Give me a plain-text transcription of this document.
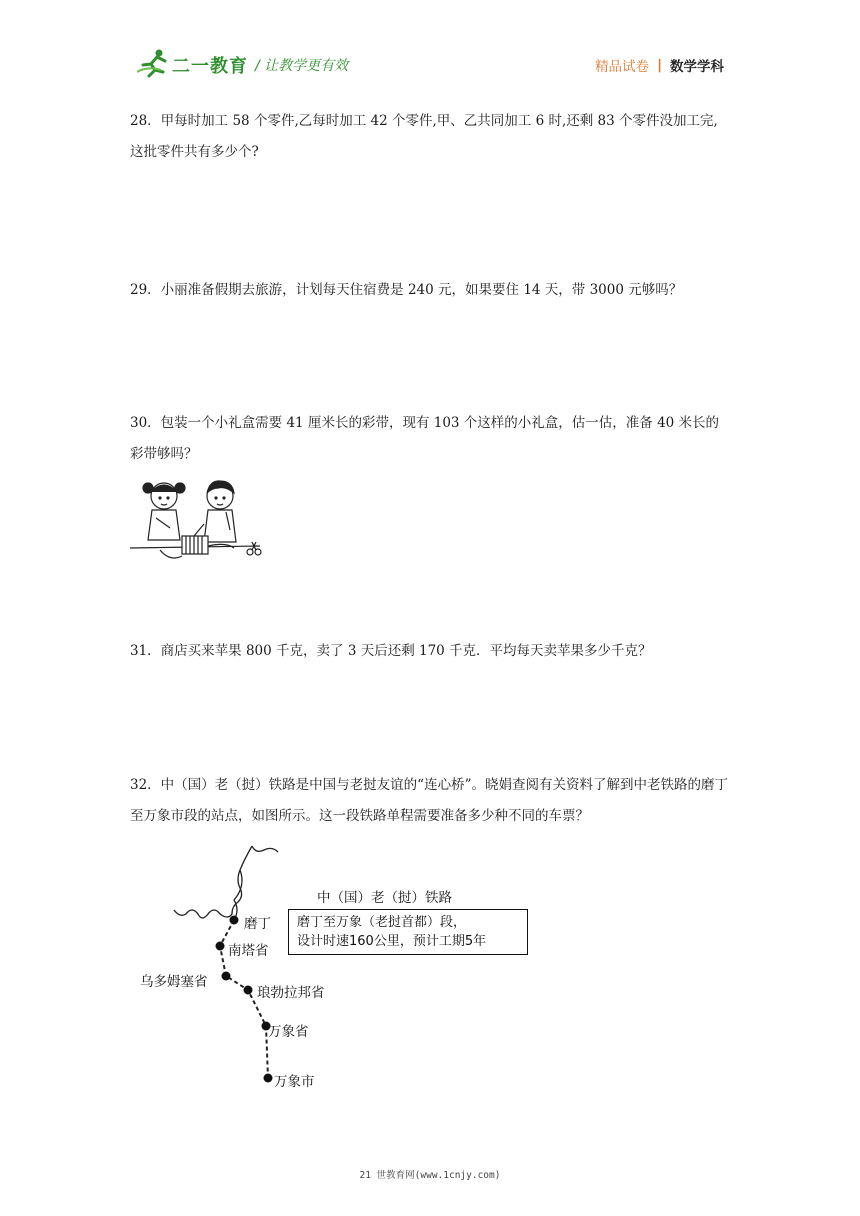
二一教育 / 让教学更有效	精品试卷 | 数学学科
28．甲每时加工 58 个零件,乙每时加工 42 个零件,甲、乙共同加工 6 时,还剩 83 个零件没加工完,这批零件共有多少个?
29．小丽准备假期去旅游，计划每天住宿费是 240 元，如果要住 14 天，带 3000 元够吗？
30．包装一个小礼盒需要 41 厘米长的彩带，现有 103 个这样的小礼盒，估一估，准备 40 米长的彩带够吗？
31．商店买来苹果 800 千克，卖了 3 天后还剩 170 千克．平均每天卖苹果多少千克？
32．中（国）老（挝）铁路是中国与老挝友谊的“连心桥”。晓娟查阅有关资料了解到中老铁路的磨丁至万象市段的站点，如图所示。这一段铁路单程需要准备多少种不同的车票？
中（国）老（挝）铁路
磨丁至万象（老挝首都）段，
设计时速160公里，预计工期5年
磨丁
南塔省
乌多姆塞省
琅勃拉邦省
万象省
万象市
21 世教育网(www.1cnjy.com)
